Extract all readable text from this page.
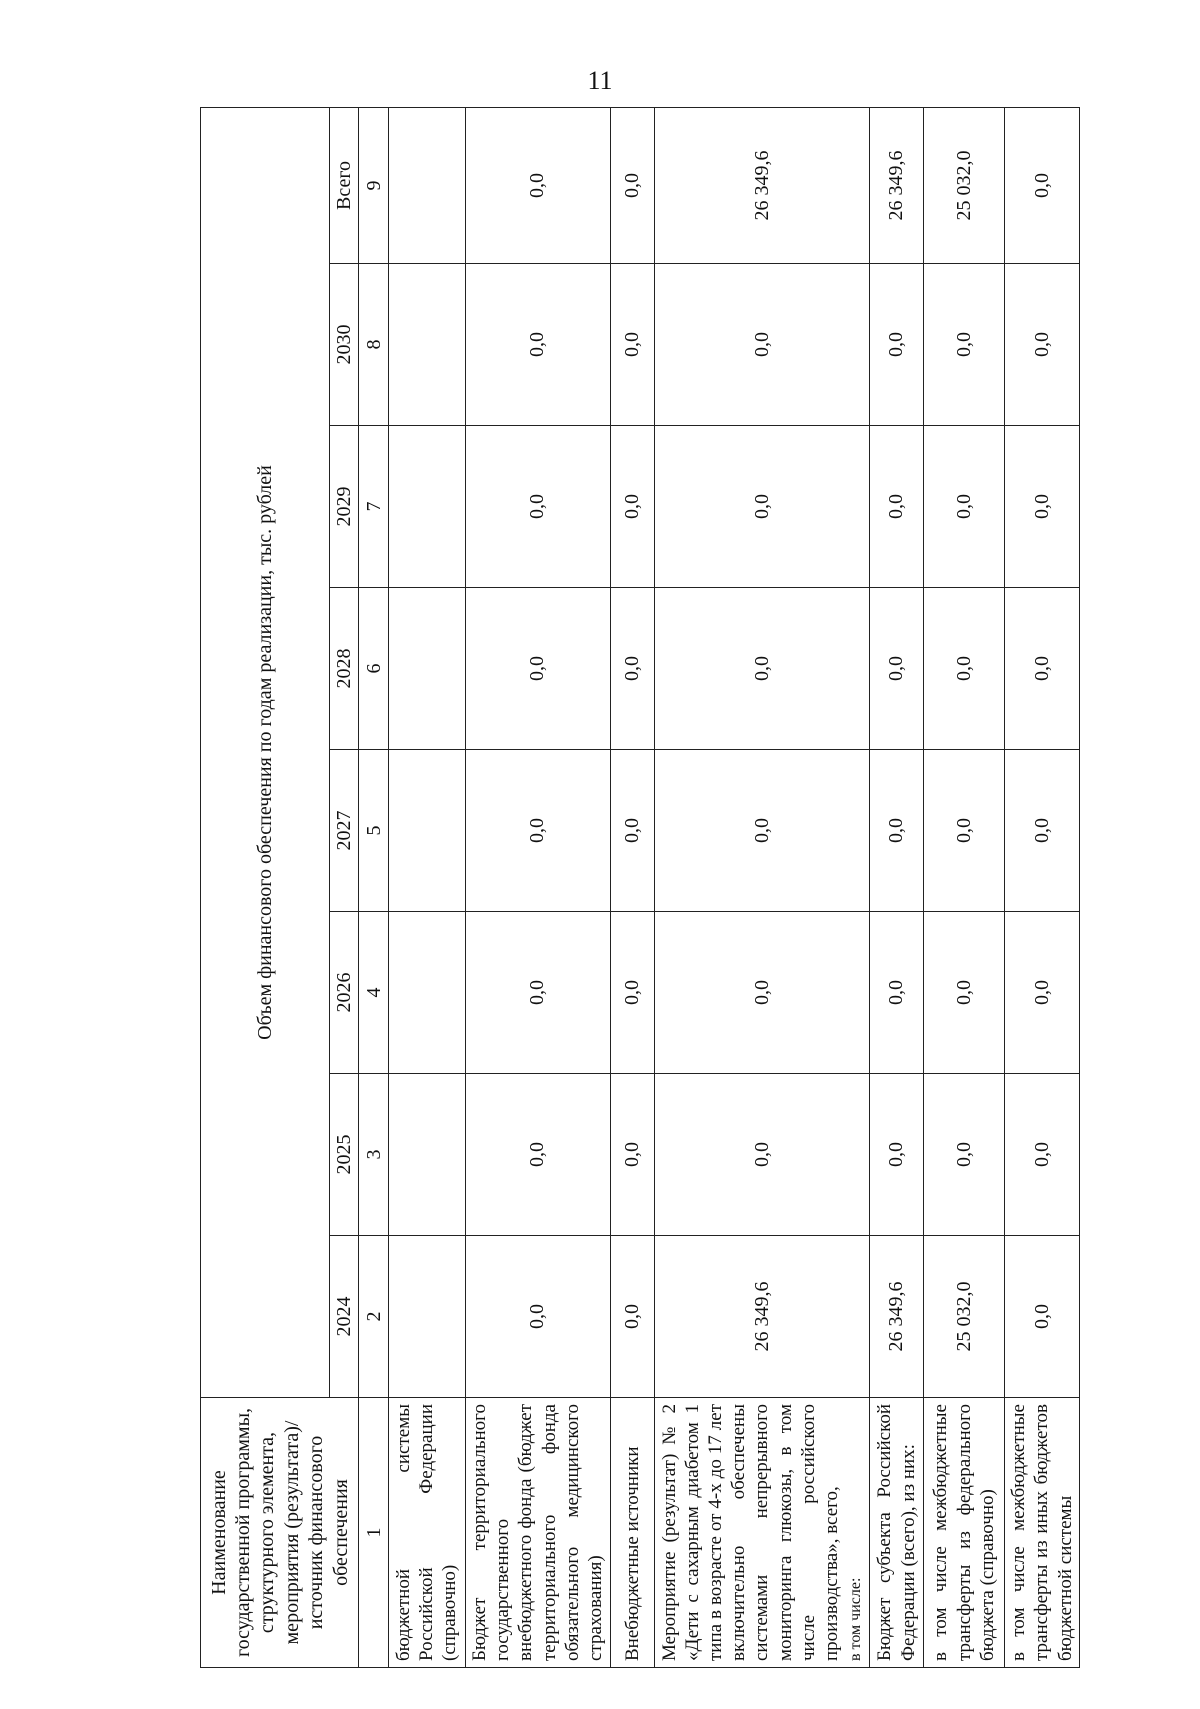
11
Наименование государственной программы, структурного элемента, мероприятия (результата)/источник финансового обеспечения	Объем финансового обеспечения по годам реализации, тыс. рублей							
	2024	2025	2026	2027	2028	2029	2030	Всего
1	2	3	4	5	6	7	8	9
бюджетной системы Российской Федерации (справочно)								
Бюджет территориального государственного внебюджетного фонда (бюджет территориального фонда обязательного медицинского страхования)	0,0	0,0	0,0	0,0	0,0	0,0	0,0	0,0
Внебюджетные источники	0,0	0,0	0,0	0,0	0,0	0,0	0,0	0,0
Мероприятие (результат) № 2 «Дети с сахарным диабетом 1 типа в возрасте от 4-х до 17 лет включительно обеспечены системами непрерывного мониторинга глюкозы, в том числе российского производства», всего, в том числе:	26 349,6	0,0	0,0	0,0	0,0	0,0	0,0	26 349,6
Бюджет субъекта Российской Федерации (всего), из них:	26 349,6	0,0	0,0	0,0	0,0	0,0	0,0	26 349,6
в том числе межбюджетные трансферты из федерального бюджета (справочно)	25 032,0	0,0	0,0	0,0	0,0	0,0	0,0	25 032,0
в том числе межбюджетные трансферты из иных бюджетов бюджетной системы	0,0	0,0	0,0	0,0	0,0	0,0	0,0	0,0
